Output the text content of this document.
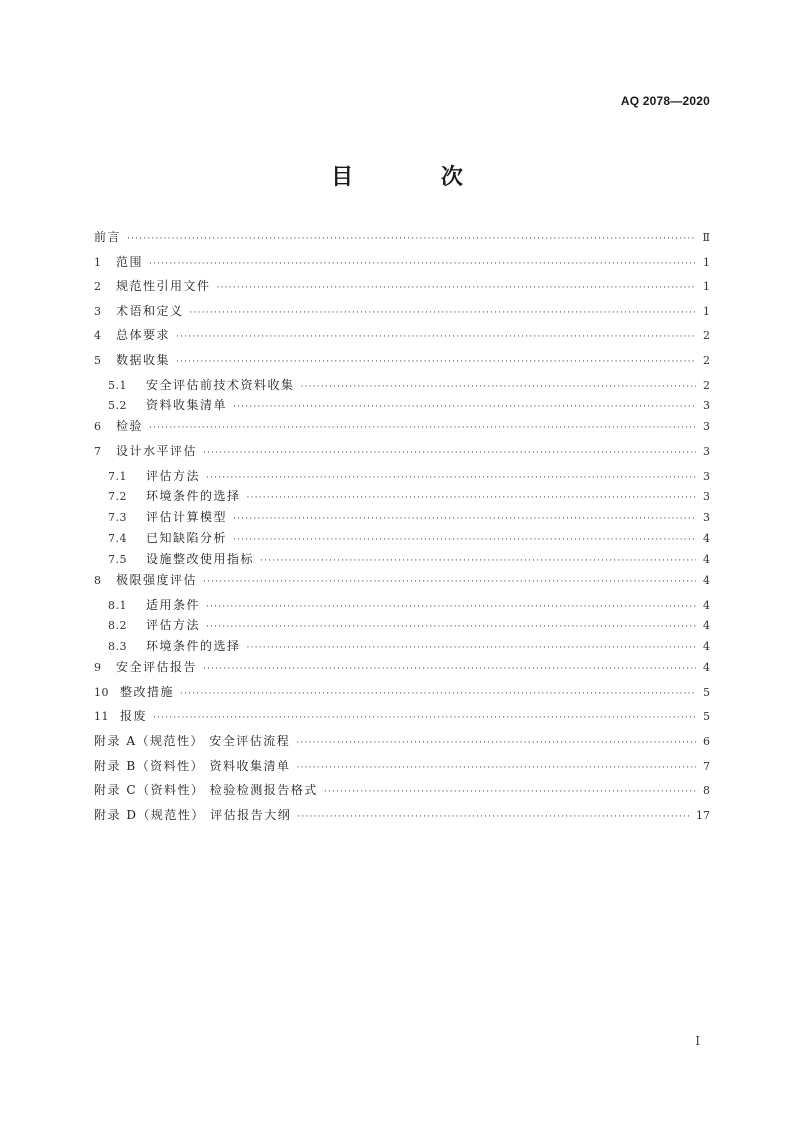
AQ 2078—2020
目 次
前言 ·····	Ⅱ
1	范围 ·····	1
2	规范性引用文件 ·····	1
3	术语和定义 ·····	1
4	总体要求 ·····	2
5	数据收集 ·····	2
5.1	安全评估前技术资料收集 ·····	2
5.2	资料收集清单 ·····	3
6	检验 ·····	3
7	设计水平评估 ·····	3
7.1	评估方法 ·····	3
7.2	环境条件的选择 ·····	3
7.3	评估计算模型 ·····	3
7.4	已知缺陷分析 ·····	4
7.5	设施整改使用指标 ·····	4
8	极限强度评估 ·····	4
8.1	适用条件 ·····	4
8.2	评估方法 ·····	4
8.3	环境条件的选择 ·····	4
9	安全评估报告 ·····	4
10 整改措施 ·····	5
11 报废 ·····	5
附录 A（规范性） 安全评估流程 ·····	6
附录 B（资料性） 资料收集清单 ·····	7
附录 C（资料性） 检验检测报告格式 ·····	8
附录 D（规范性） 评估报告大纲 ·····	17
I
